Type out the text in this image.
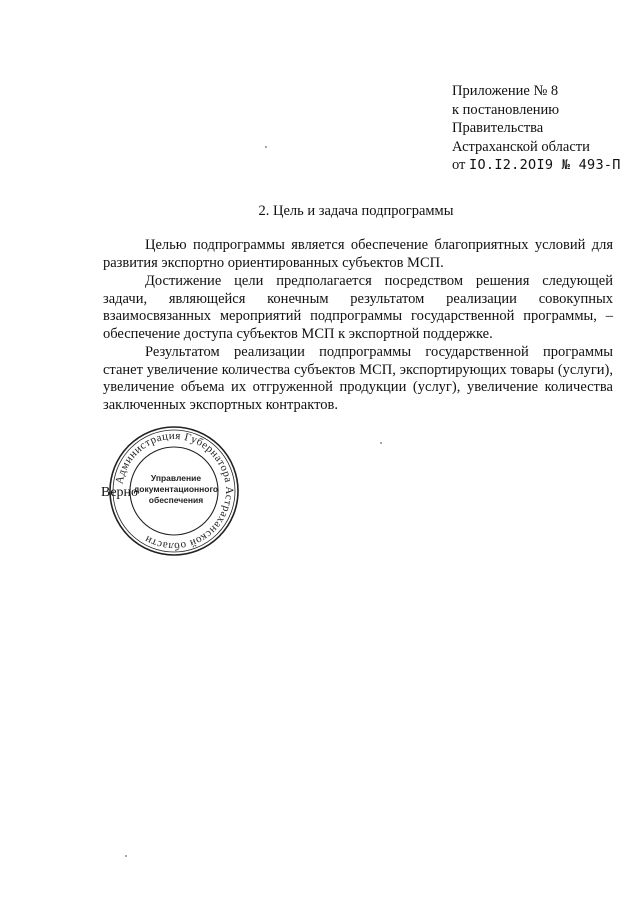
Приложение № 8
к постановлению
Правительства
Астраханской области
от IO.I2.2OI9 № 493-П
2. Цель и задача подпрограммы

Целью подпрограммы является обеспечение благоприятных условий для развития экспортно ориентированных субъектов МСП.

Достижение цели предполагается посредством решения следующей задачи, являющейся конечным результатом реализации совокупных взаимосвязанных мероприятий подпрограммы государственной программы, – обеспечение доступа субъектов МСП к экспортной поддержке.

Результатом реализации подпрограммы государственной программы станет увеличение количества субъектов МСП, экспортирующих товары (услуги), увеличение объема их отгруженной продукции (услуг), увеличение количества заключенных экспортных контрактов.

Администрация Губернатора Астраханской области
Управление
документационного
обеспечения
Верно
